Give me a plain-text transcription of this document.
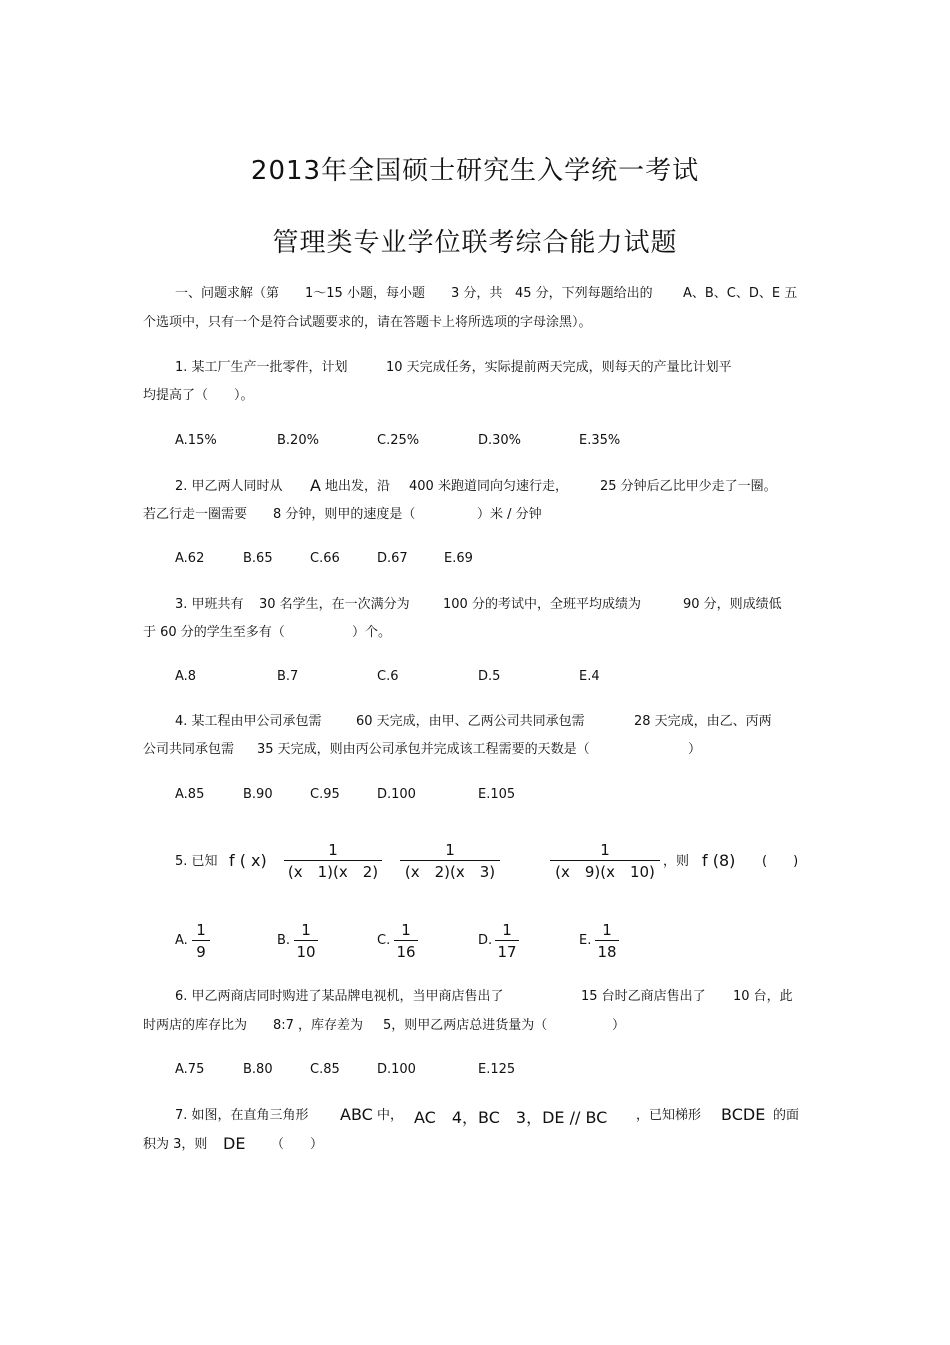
2013年全国硕士研究生入学统一考试
管理类专业学位联考综合能力试题
一、问题求解（第 1～15 小题，每小题 3 分，共 45 分，下列每题给出的 A、B、C、D、E 五
个选项中，只有一个是符合试题要求的，请在答题卡上将所选项的字母涂黑）。
1. 某工厂生产一批零件，计划	10 天完成任务，实际提前两天完成，则每天的产量比计划平
均提高了（　　）。
A.15%	B.20%	C.25%	D.30%	E.35%
2. 甲乙两人同时从 A 地出发，沿 400 米跑道同向匀速行走， 25 分钟后乙比甲少走了一圈。
若乙行走一圈需要 8 分钟，则甲的速度是（	）米 / 分钟
A.62	B.65	C.66	D.67	E.69
3. 甲班共有 30 名学生，在一次满分为	100 分的考试中，全班平均成绩为	90 分，则成绩低
于 60 分的学生至多有（	）个。
A.8	B.7	C.6	D.5	E.4
4. 某工程由甲公司承包需	60 天完成，由甲、乙两公司共同承包需	28 天完成，由乙、丙两
公司共同承包需 35 天完成，则由丙公司承包并完成该工程需要的天数是（	）
A.85	B.90	C.95	D.100	E.105
5. 已知 f ( x)
1
(x　1)(x　2)
1
(x　2)(x　3)
1
(x　9)(x　10)
，则 f (8) (　　)
A.
1
9
B.
1
10
C.
1
16
D.
1
17
E.
1
18
6. 甲乙两商店同时购进了某品牌电视机，当甲商店售出了	15 台时乙商店售出了 10 台，此
时两店的库存比为 8:7 ，库存差为 5，则甲乙两店总进货量为（	）
A.75	B.80	C.85	D.100	E.125
7. 如图，在直角三角形 ABC 中， AC　4，BC　3，DE // BC ，已知梯形 BCDE 的面
积为 3，则 DE （　　）
